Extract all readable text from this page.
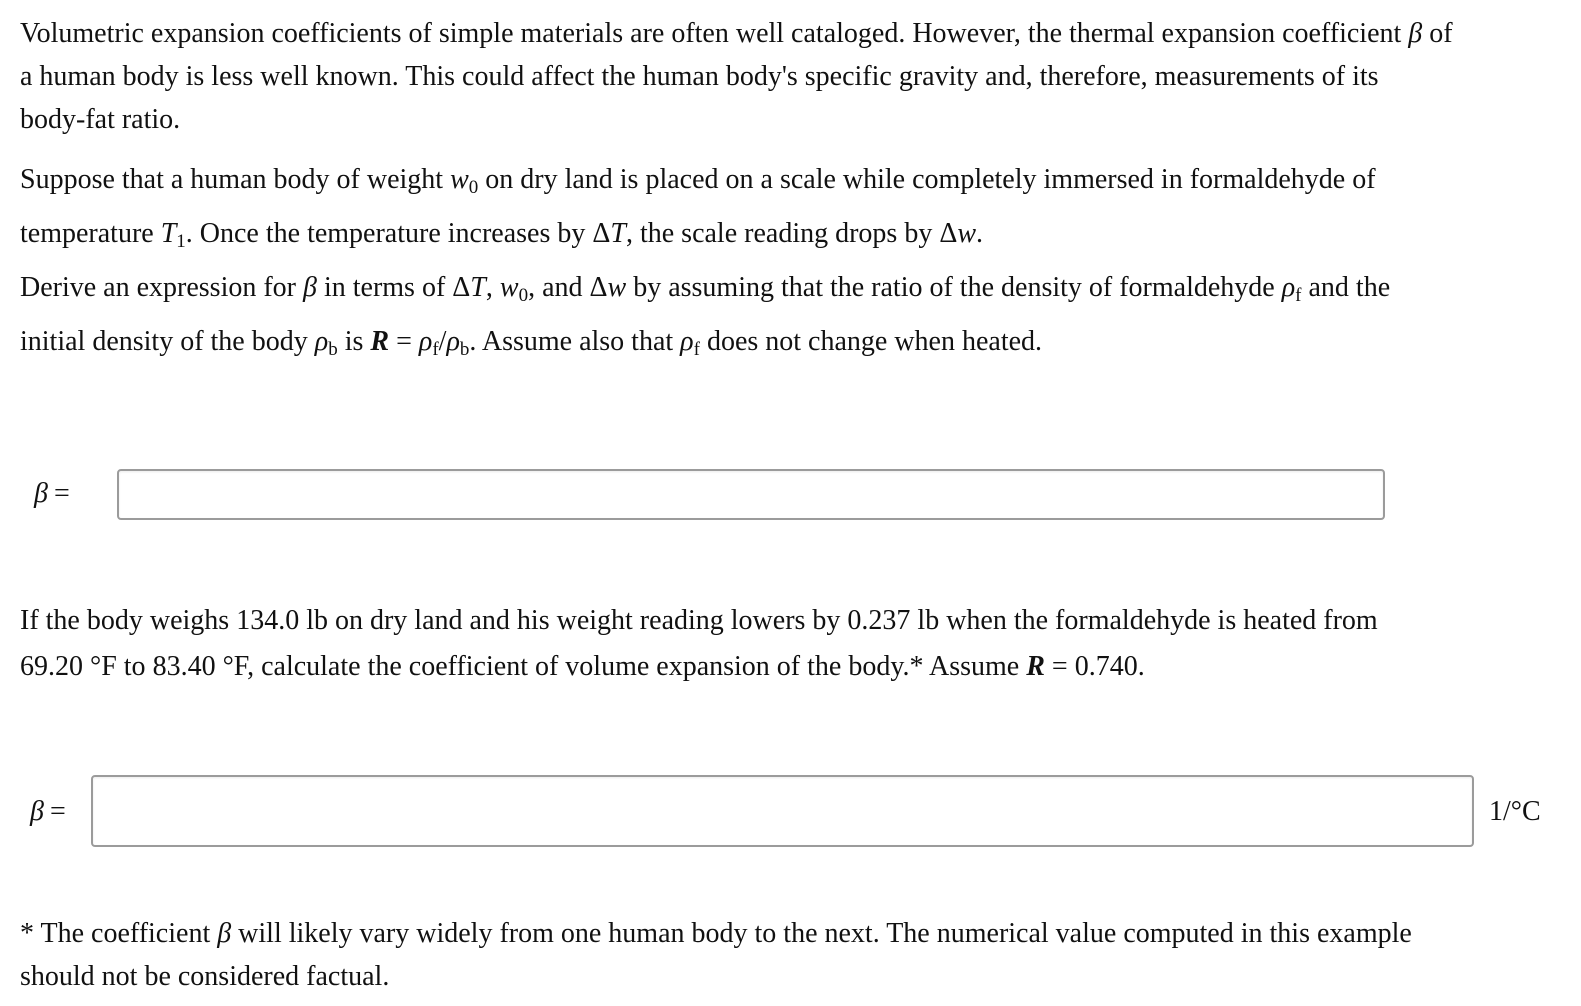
Volumetric expansion coefficients of simple materials are often well cataloged. However, the thermal expansion coefficient β of
a human body is less well known. This could affect the human body's specific gravity and, therefore, measurements of its
body-fat ratio.

Suppose that a human body of weight $w_0$ on dry land is placed on a scale while completely immersed in formaldehyde of
temperature $T_1$. Once the temperature increases by ΔT, the scale reading drops by Δw.

Derive an expression for β in terms of ΔT, $w_0$, and Δw by assuming that the ratio of the density of formaldehyde $\rho_f$ and the
initial density of the body $\rho_b$ is $R = \rho_f/\rho_b$. Assume also that $\rho_f$ does not change when heated.

β =

If the body weighs 134.0 lb on dry land and his weight reading lowers by 0.237 lb when the formaldehyde is heated from
69.20 °F to 83.40 °F, calculate the coefficient of volume expansion of the body.* Assume R = 0.740.

β =	1/°C

* The coefficient β will likely vary widely from one human body to the next. The numerical value computed in this example
should not be considered factual.
